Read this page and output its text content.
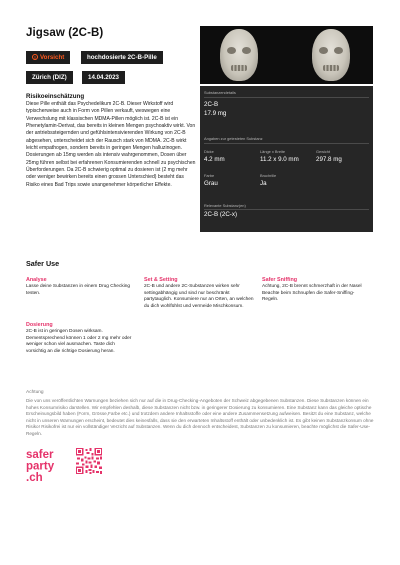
Jigsaw (2C-B)
! Vorsicht	hochdosierte 2C-B-Pille
Zürich (DIZ)	14.04.2023
Risikoeinschätzung
Diese Pille enthält das Psychedelikum 2C-B. Dieser Wirkstoff wird typischerweise auch in Form von Pillen verkauft, weswegen eine Verwechslung mit klassischen MDMA-Pillen möglich ist. 2C-B ist ein Phenetylamin-Derivat, das bereits in kleinen Mengen psychoaktiv wirkt. Von der antriebssteigernden und gefühlsintensivierenden Wirkung von 2C-B abgesehen, unterscheidet sich der Rausch stark von MDMA. 2C-B wirkt leicht empathogen, sondern bereits in geringen Mengen halluzinogen. Dosierungen ab 15mg werden als intensiv wahrgenommen, Dosen über 25mg führen selbst bei erfahrenen Konsumierenden schnell zu psychischen Überforderungen. Da 2C-B schwierig optimal zu dosieren ist (2 mg mehr oder weniger bewirken bereits einen grossen Unterschied) besteht das Risiko eines Bad Trips sowie unangenehmer körperlicher Effekte.
Substanzendetails
2C-B
17.9 mg
Angaben zur getesteten Substanz
Dicke
4.2 mm
Länge x Breite
11.2 x 9.0 mm
Gewicht
297.8 mg
Farbe
Grau
Bruchrille
Ja
Relevante Substanz(en)
2C-B (2C-x)
Safer Use
Analyse
Lasse deine Substanzen in einem Drug Checking testen.
Set & Setting
2C-B und andere 2C-Substanzen wirken sehr settingabhängig und sind nur beschränkt partytauglich. Konsumiere nur an Orten, an welchen du dich wohlfühlst und vermeide Mischkonsum.
Safer Sniffing
Achtung, 2C-B brennt schmerzhaft in der Nasel Beachte beim Schnupfen die Safer-Sniffing-Regeln.
Dosierung
2C-B ist in geringen Dosen wirksam. Dementsprechend können 1 oder 2 mg mehr oder weniger schon viel ausmachen. Taste dich vorsichtig an die richtige Dosierung heran.
Achtung
Die von uns veröffentlichten Warnungen beziehen sich nur auf die in Drug-Checking-Angeboten der Schweiz abgegebenen Substanzen. Diese Substanzen können ein hohes Konsumrisiko darstellen. Wir empfehlen deshalb, diese Substanzen nicht bzw. in geringerer Dosierung zu konsumieren. Eine Substanz kann das gleiche optische Erscheinungsbild haben (Form, Grösse,Farbe etc.) und trotzdem andere Inhaltsstoffe oder eine andere Zusammensetzung aufweisen. Besitzt du eine Substanz, welche nicht in unseren Warnungen erscheint, bedeutet dies keinesfalls, dass sie den erwarteten Inhaltsstoff enthält oder unbedenklich ist. Es gibt keinen Substanzkonsum ohne Risiko! Risikofrei ist nur ein vollständiger Verzicht auf Substanzen. Wenn du dich dennoch entscheidest, Substanzen zu konsumieren, beachte möglichst die Safer-Use-Regeln.
safer
party
.ch
